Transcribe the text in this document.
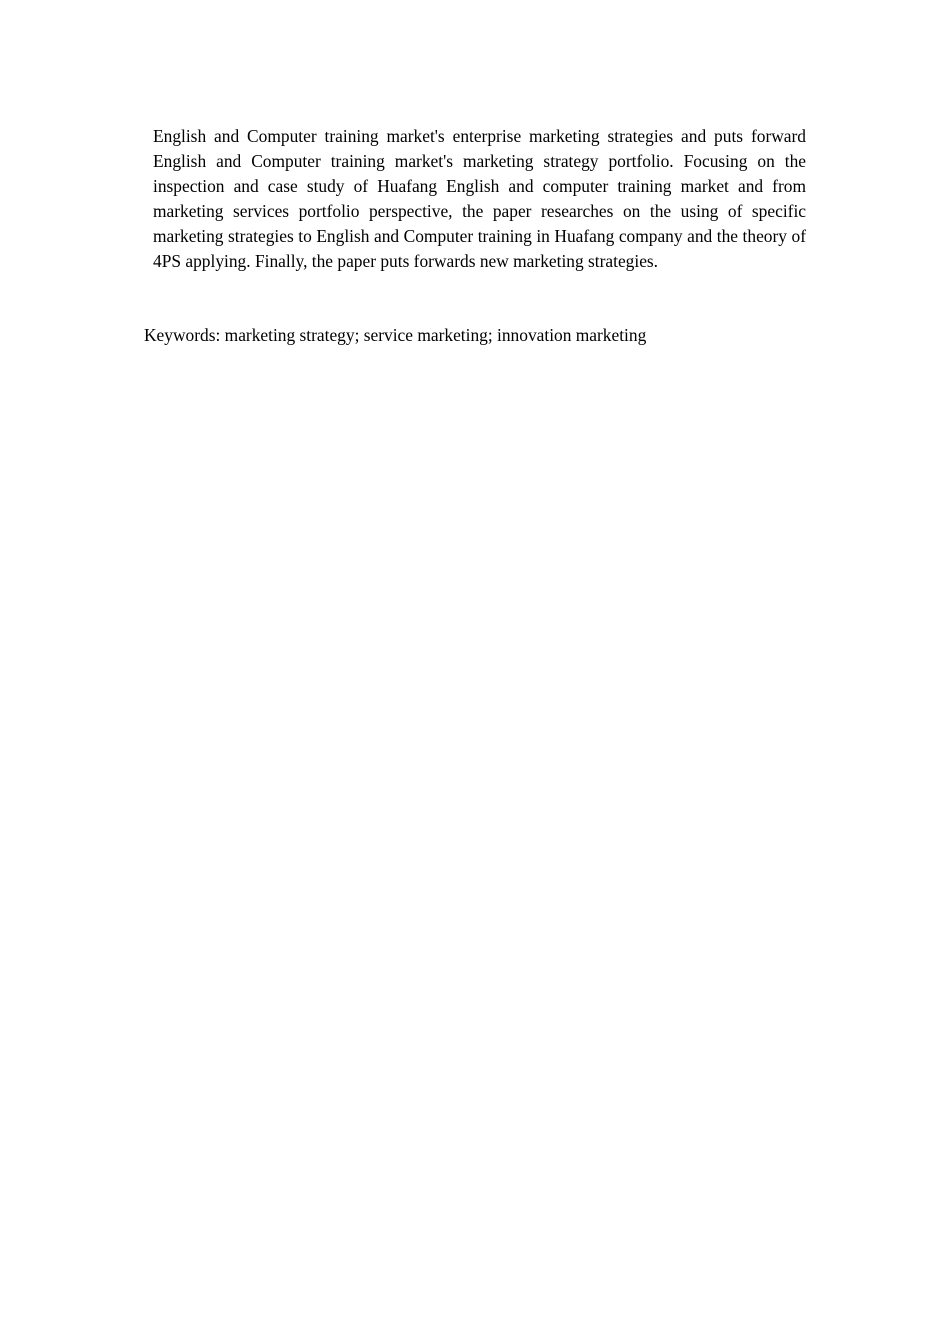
English and Computer training market's enterprise marketing strategies and puts forward English and Computer training market's marketing strategy portfolio. Focusing on the inspection and case study of Huafang English and computer training market and from marketing services portfolio perspective, the paper researches on the using of specific marketing strategies to English and Computer training in Huafang company and the theory of 4PS applying. Finally, the paper puts forwards new marketing strategies.

Keywords: marketing strategy; service marketing; innovation marketing
